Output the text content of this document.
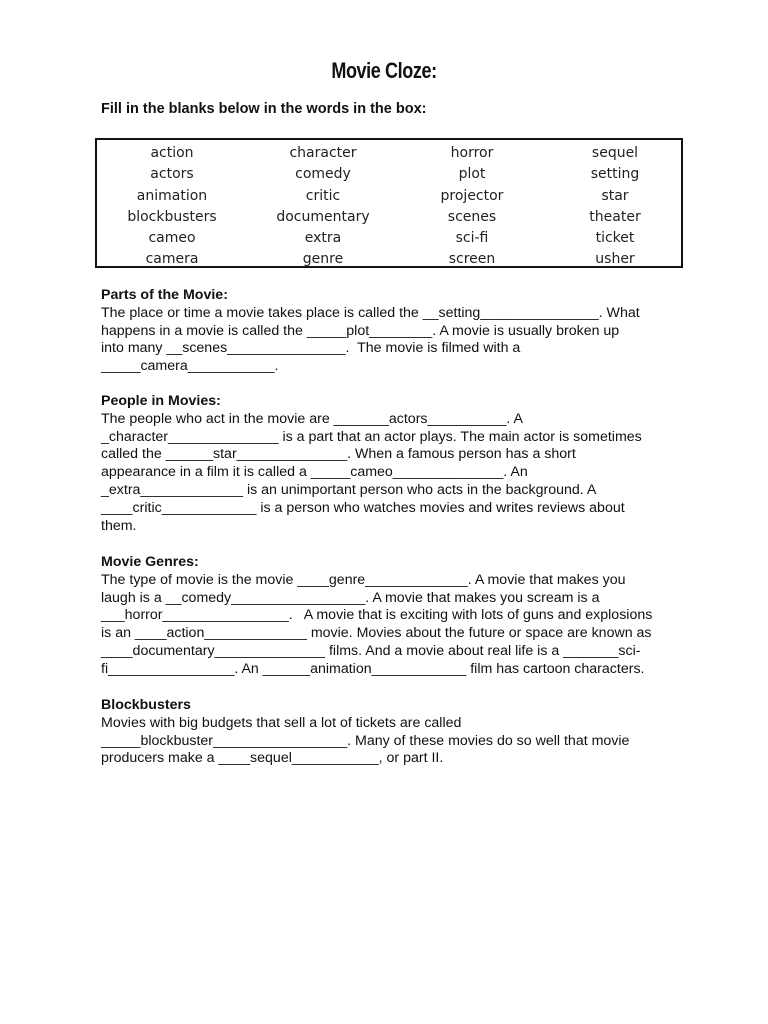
Movie Cloze:
Fill in the blanks below in the words in the box:
action	character	horror	sequel
actors	comedy	plot	setting
animation	critic	projector	star
blockbusters	documentary	scenes	theater
cameo	extra	sci-fi	ticket
camera	genre	screen	usher
Parts of the Movie:
The place or time a movie takes place is called the __setting_______________. What
happens in a movie is called the _____plot________. A movie is usually broken up
into many __scenes_______________.  The movie is filmed with a
_____camera___________.
People in Movies:
The people who act in the movie are _______actors__________. A
_character______________ is a part that an actor plays. The main actor is sometimes
called the ______star______________. When a famous person has a short
appearance in a film it is called a _____cameo______________. An
_extra_____________ is an unimportant person who acts in the background. A
____critic____________ is a person who watches movies and writes reviews about
them.
Movie Genres:
The type of movie is the movie ____genre_____________. A movie that makes you
laugh is a __comedy_________________. A movie that makes you scream is a
___horror________________.   A movie that is exciting with lots of guns and explosions
is an ____action_____________ movie. Movies about the future or space are known as
____documentary______________ films. And a movie about real life is a _______sci-
fi________________. An ______animation____________ film has cartoon characters.
Blockbusters
Movies with big budgets that sell a lot of tickets are called
_____blockbuster_________________. Many of these movies do so well that movie
producers make a ____sequel___________, or part II.
